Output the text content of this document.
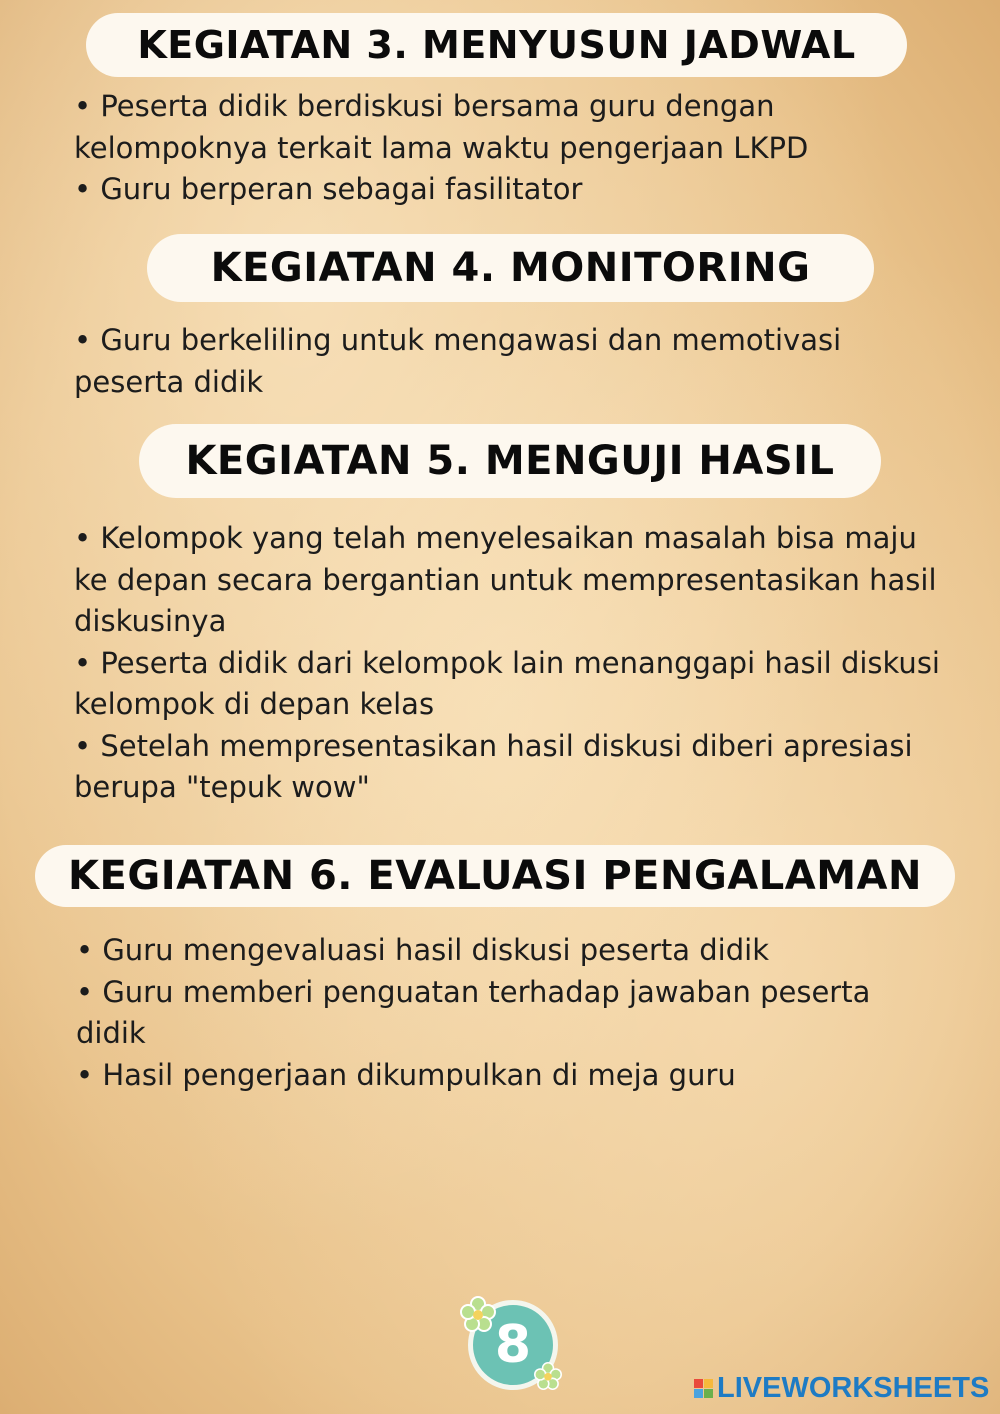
KEGIATAN 3. MENYUSUN JADWAL

• Peserta didik berdiskusi bersama guru dengan

kelompoknya terkait lama waktu pengerjaan LKPD

• Guru berperan sebagai fasilitator

KEGIATAN 4. MONITORING

• Guru berkeliling untuk mengawasi dan memotivasi

peserta didik

KEGIATAN 5. MENGUJI HASIL

• Kelompok yang telah menyelesaikan masalah bisa maju

ke depan secara bergantian untuk mempresentasikan hasil

diskusinya

• Peserta didik dari kelompok lain menanggapi hasil diskusi

kelompok di depan kelas

• Setelah mempresentasikan hasil diskusi diberi apresiasi

berupa "tepuk wow"

KEGIATAN 6. EVALUASI PENGALAMAN

• Guru mengevaluasi hasil diskusi peserta didik

• Guru memberi penguatan terhadap jawaban peserta

didik

• Hasil pengerjaan dikumpulkan di meja guru

8
LIVEWORKSHEETS
